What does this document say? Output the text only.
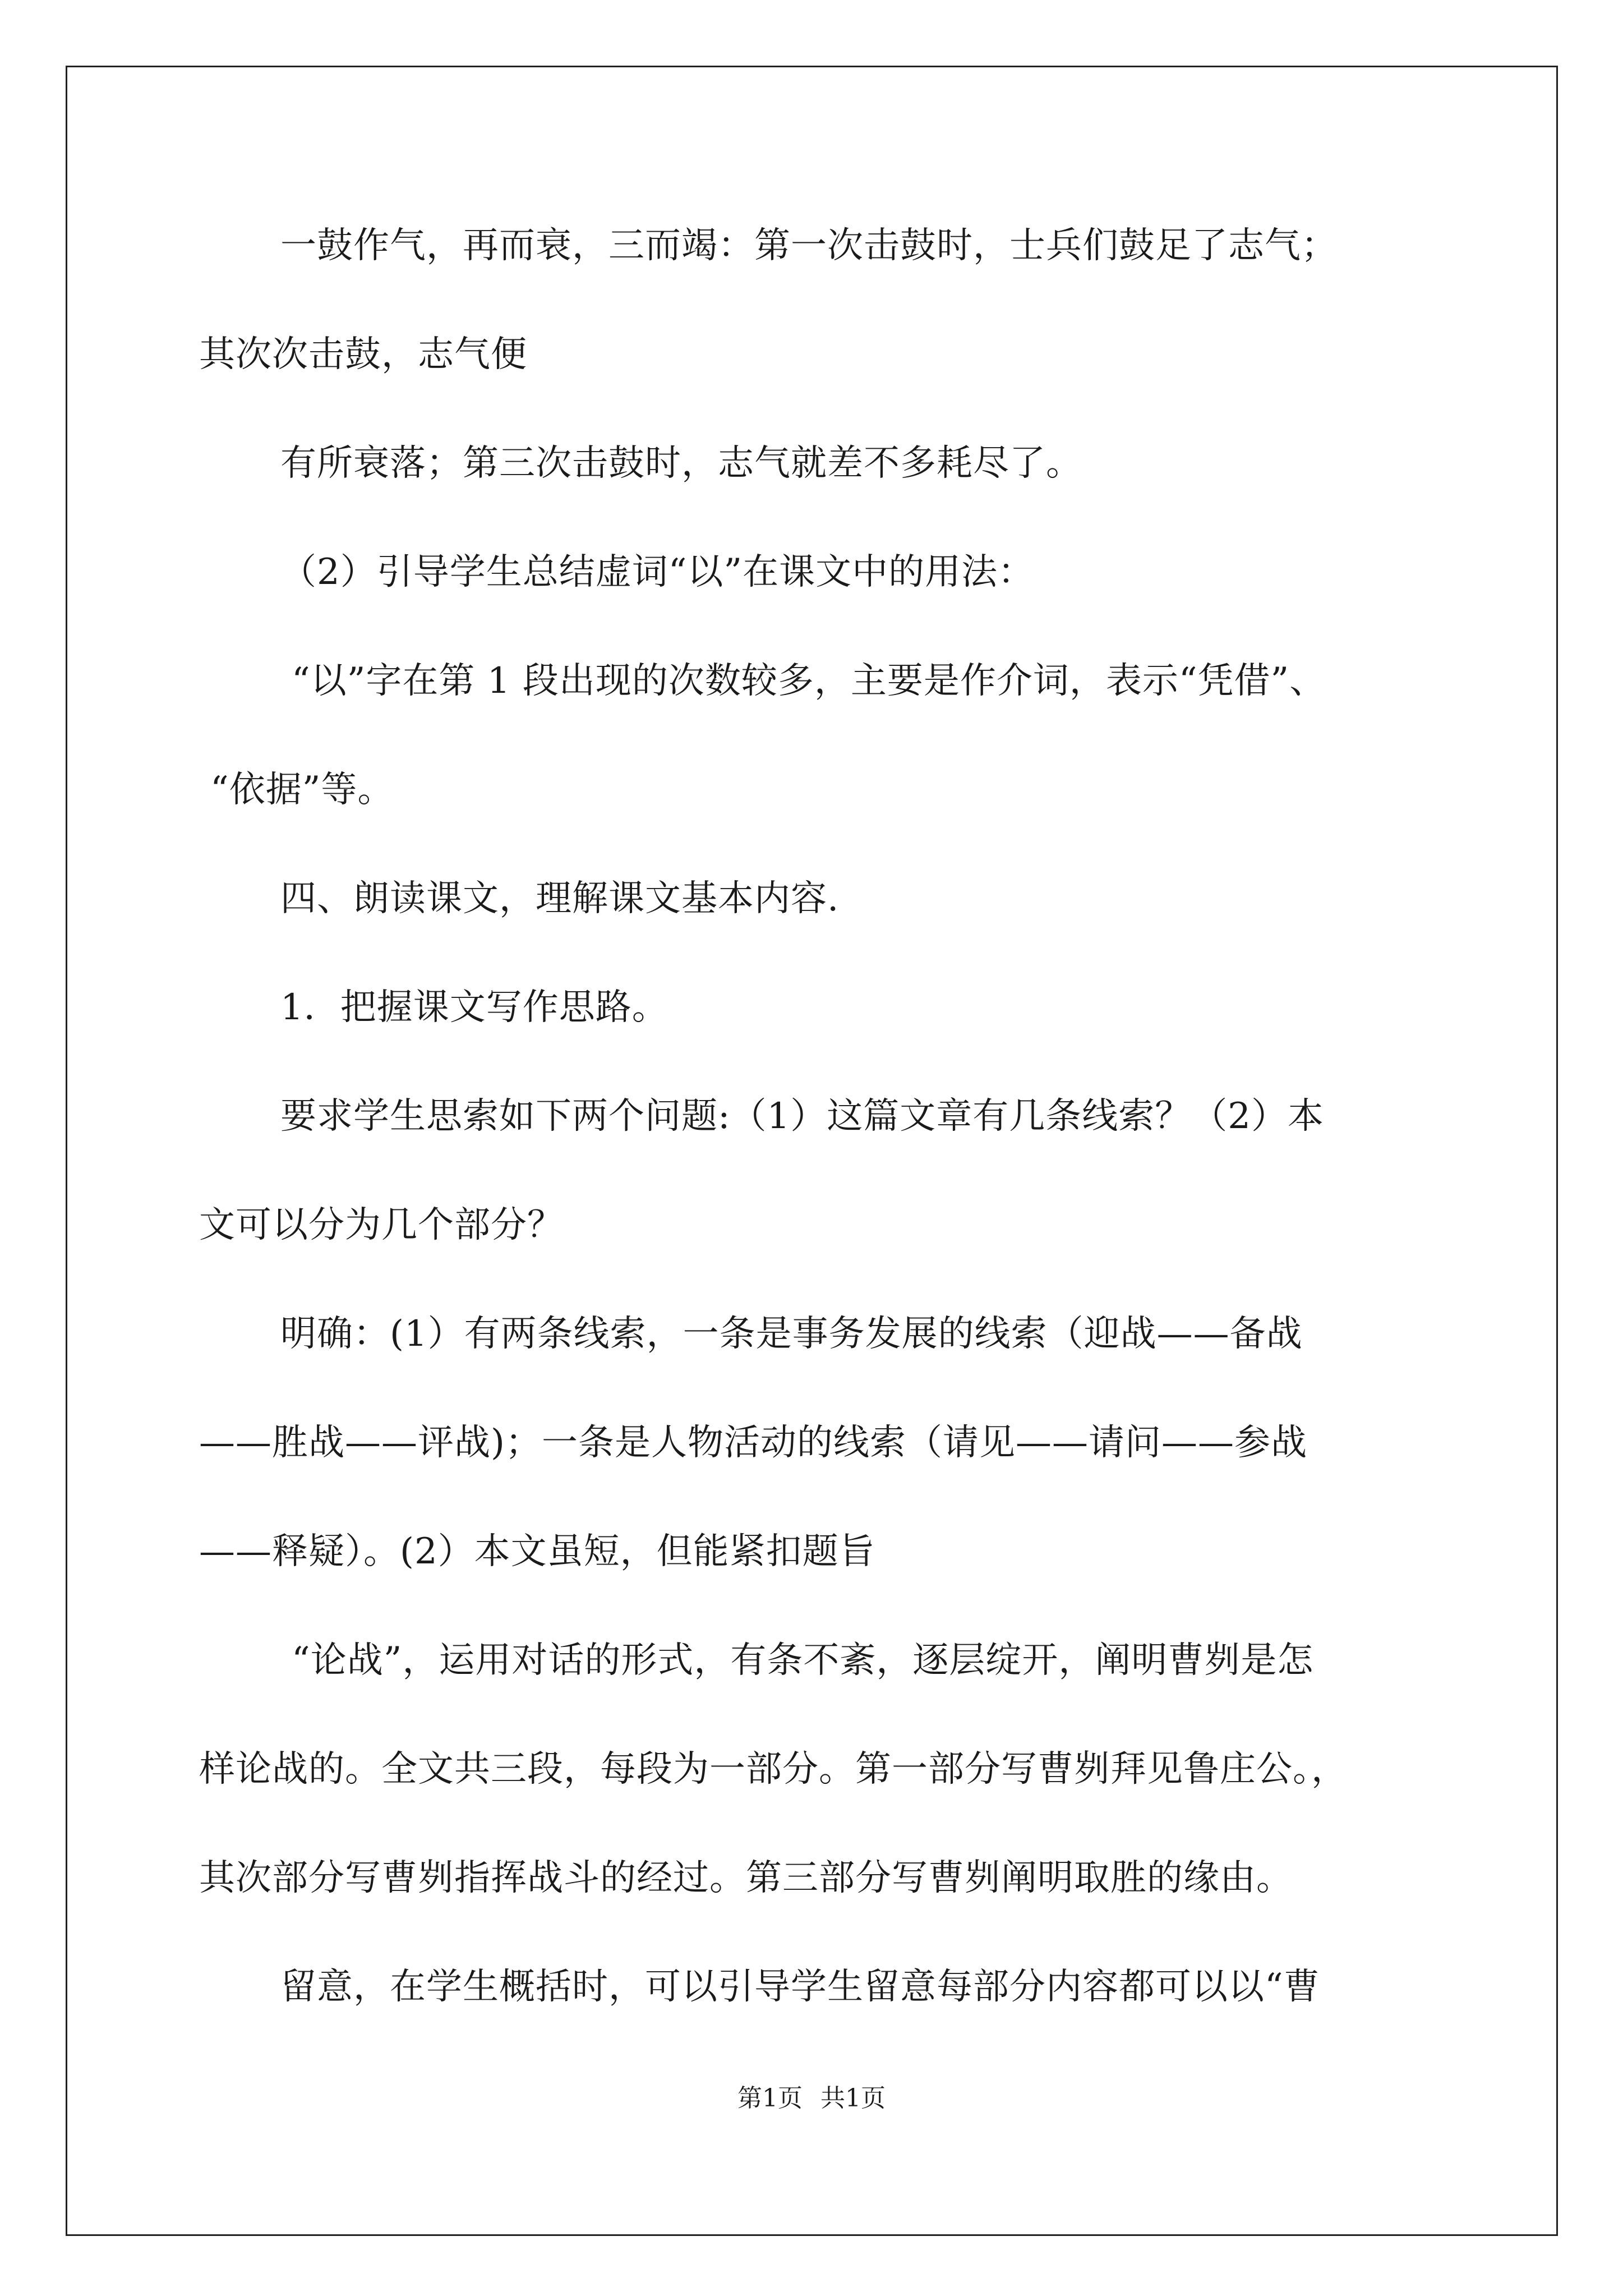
一鼓作气，再而衰，三而竭：第一次击鼓时，士兵们鼓足了志气；
其次次击鼓，志气便
有所衰落；第三次击鼓时，志气就差不多耗尽了。
（2）引导学生总结虚词“以”在课文中的用法：
“以”字在第 1 段出现的次数较多，主要是作介词，表示“凭借”、
“依据”等。
四、朗读课文，理解课文基本内容.
1．把握课文写作思路。
要求学生思索如下两个问题:（1）这篇文章有几条线索？（2）本
文可以分为几个部分？
明确：(1）有两条线索，一条是事务发展的线索（迎战——备战
——胜战——评战)；一条是人物活动的线索（请见——请问——参战
——释疑）。(2）本文虽短，但能紧扣题旨
“论战”，运用对话的形式，有条不紊，逐层绽开，阐明曹刿是怎
样论战的。全文共三段，每段为一部分。第一部分写曹刿拜见鲁庄公。，
其次部分写曹刿指挥战斗的经过。第三部分写曹刿阐明取胜的缘由。
留意，在学生概括时，可以引导学生留意每部分内容都可以以“曹
第1页 共1页
